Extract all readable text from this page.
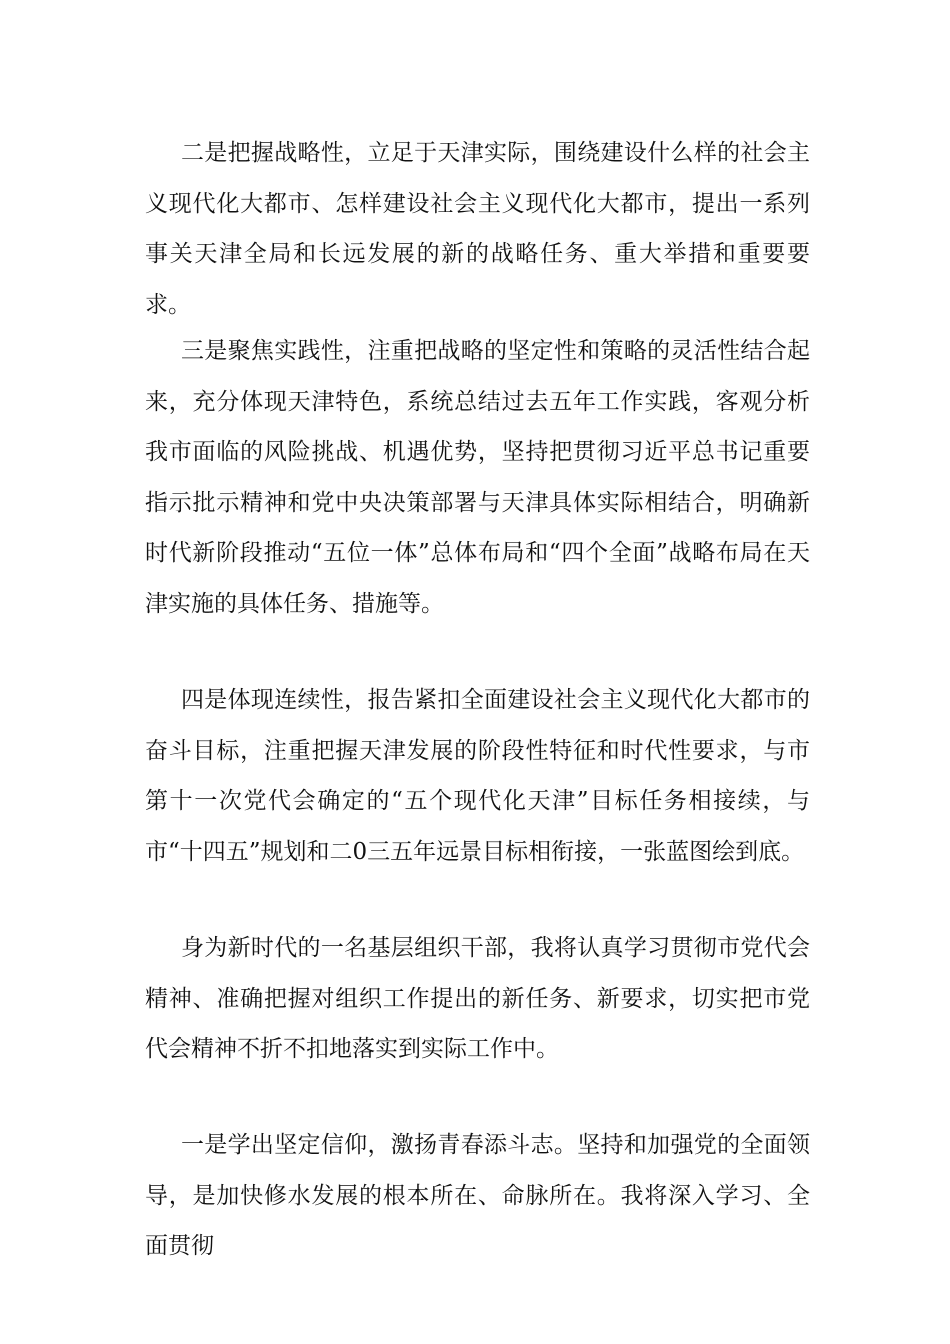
二是把握战略性，立足于天津实际，围绕建设什么样的社会主义现代化大都市、怎样建设社会主义现代化大都市，提出一系列事关天津全局和长远发展的新的战略任务、重大举措和重要要求。

三是聚焦实践性，注重把战略的坚定性和策略的灵活性结合起来，充分体现天津特色，系统总结过去五年工作实践，客观分析我市面临的风险挑战、机遇优势，坚持把贯彻习近平总书记重要指示批示精神和党中央决策部署与天津具体实际相结合，明确新时代新阶段推动“五位一体”总体布局和“四个全面”战略布局在天津实施的具体任务、措施等。

四是体现连续性，报告紧扣全面建设社会主义现代化大都市的奋斗目标，注重把握天津发展的阶段性特征和时代性要求，与市第十一次党代会确定的“五个现代化天津”目标任务相接续，与市“十四五”规划和二0三五年远景目标相衔接，一张蓝图绘到底。

身为新时代的一名基层组织干部，我将认真学习贯彻市党代会精神、准确把握对组织工作提出的新任务、新要求，切实把市党代会精神不折不扣地落实到实际工作中。

一是学出坚定信仰，激扬青春添斗志。坚持和加强党的全面领导，是加快修水发展的根本所在、命脉所在。我将深入学习、全面贯彻
